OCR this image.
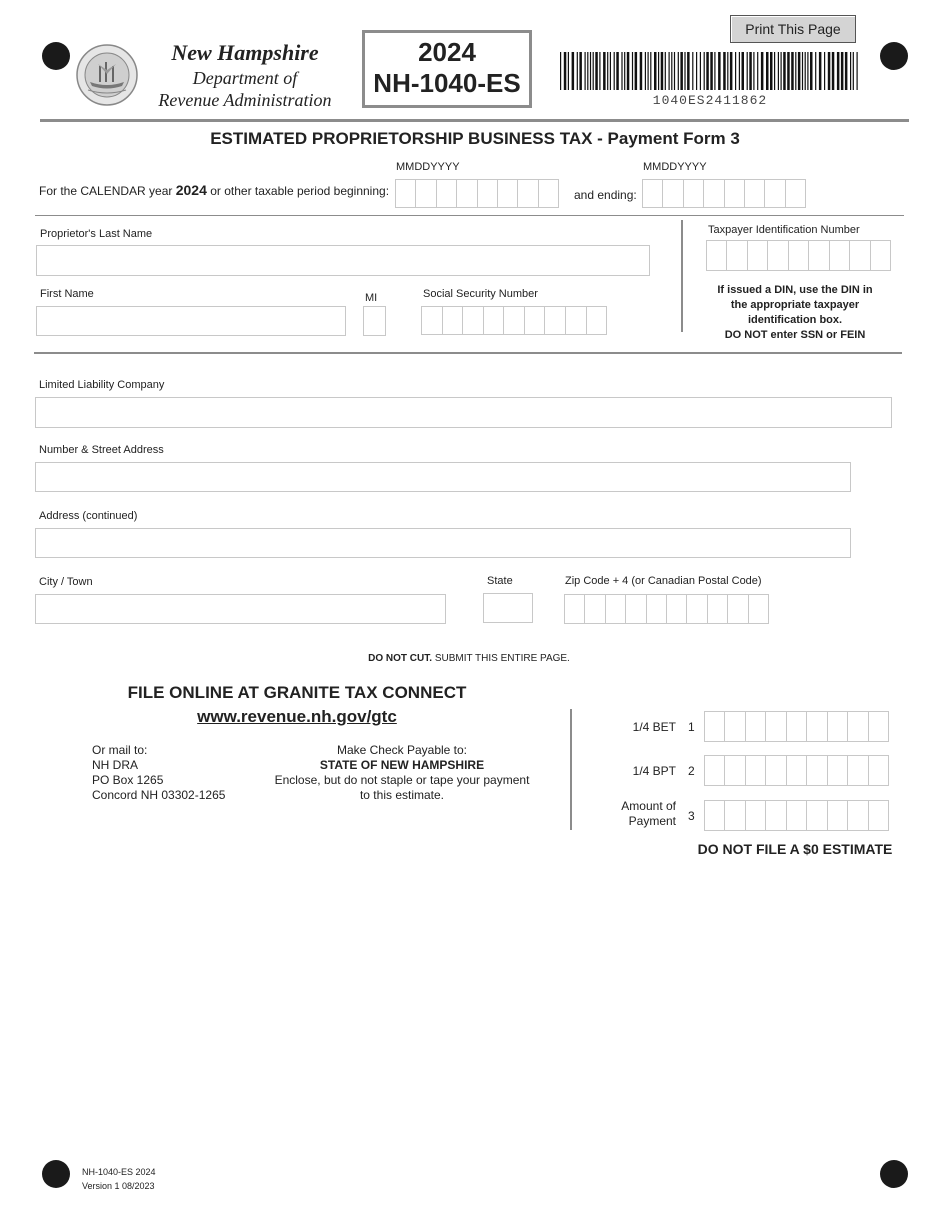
New Hampshire
Department of
Revenue Administration
2024
NH-1040-ES
Print This Page
1040ES2411862
ESTIMATED PROPRIETORSHIP BUSINESS TAX - Payment Form 3
MMDDYYYY	MMDDYYYY
For the CALENDAR year 2024 or other taxable period beginning:	and ending:
Proprietor's Last Name	Taxpayer Identification Number
First Name	MI	Social Security Number	If issued a DIN, use the DIN in
the appropriate taxpayer
identification box.
DO NOT enter SSN or FEIN
Limited Liability Company
Number & Street Address
Address (continued)
City / Town	State	Zip Code + 4 (or Canadian Postal Code)
DO NOT CUT. SUBMIT THIS ENTIRE PAGE.
FILE ONLINE AT GRANITE TAX CONNECT
www.revenue.nh.gov/gtc
Or mail to:
NH DRA
PO Box 1265
Concord NH 03302-1265
Make Check Payable to:
STATE OF NEW HAMPSHIRE
Enclose, but do not staple or tape your payment
to this estimate.
1/4 BET 1
1/4 BPT 2
Amount of
Payment 3
DO NOT FILE A $0 ESTIMATE
NH-1040-ES 2024
Version 1 08/2023
